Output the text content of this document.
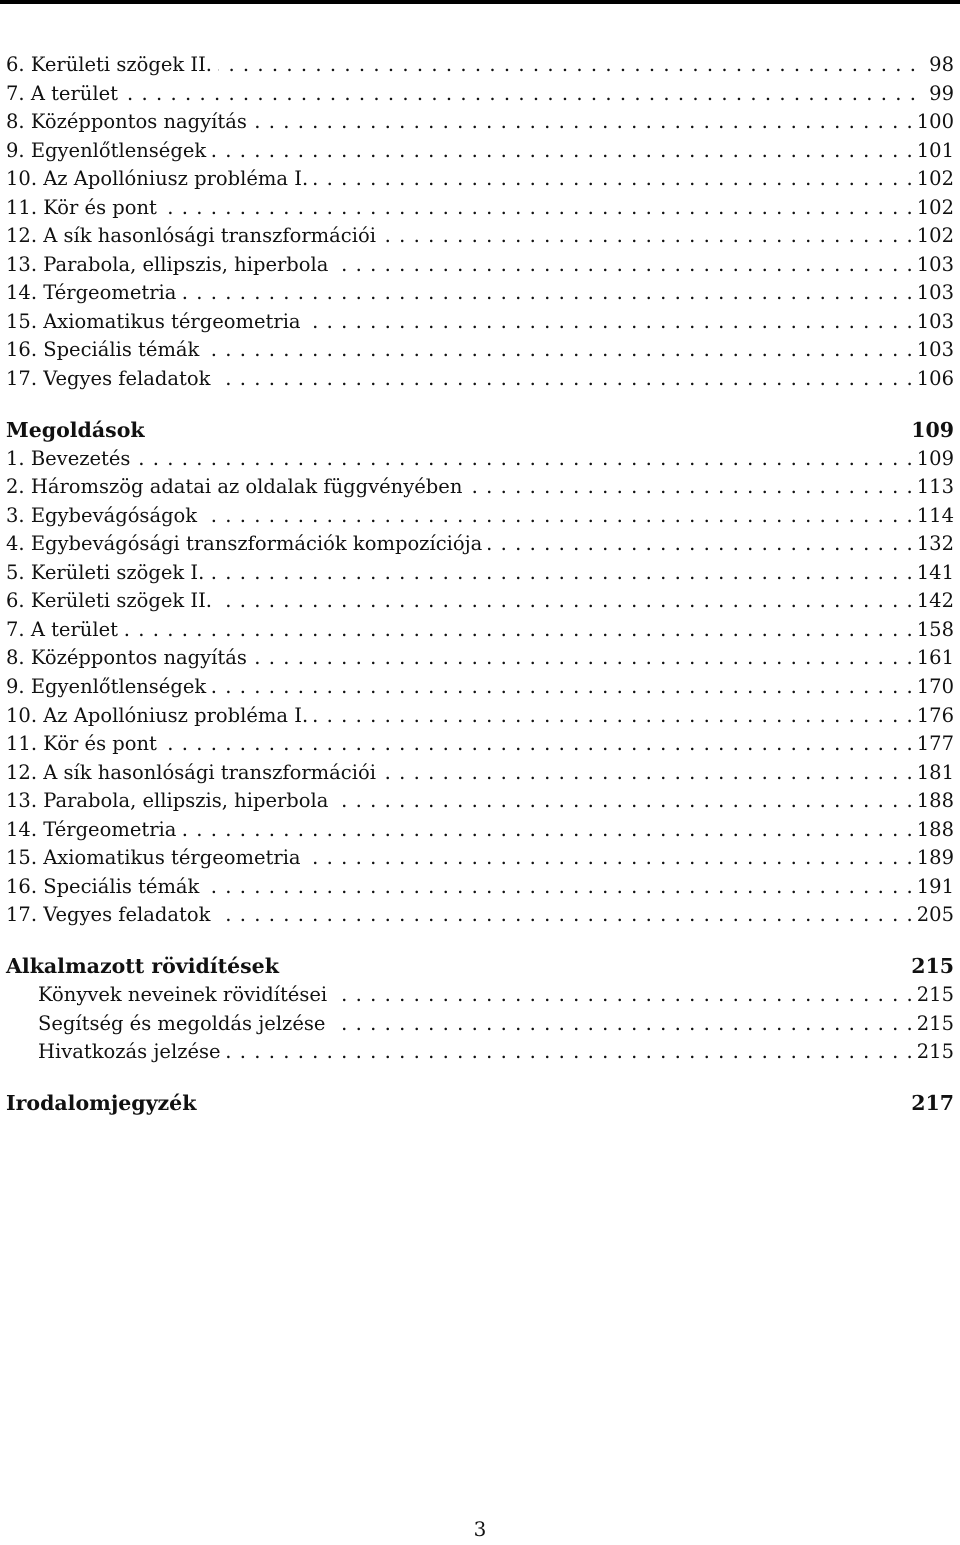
6. Kerületi szögek II. . . .	98
7. A terület . . .	99
8. Középpontos nagyítás . . .	100
9. Egyenlőtlenségek . . .	101
10. Az Apollóniusz probléma I. . . .	102
11. Kör és pont . . .	102
12. A sík hasonlósági transzformációi . . .	102
13. Parabola, ellipszis, hiperbola . . .	103
14. Térgeometria . . .	103
15. Axiomatikus térgeometria . . .	103
16. Speciális témák . . .	103
17. Vegyes feladatok . . .	106
Megoldások	109
1. Bevezetés . . .	109
2. Háromszög adatai az oldalak függvényében . . .	113
3. Egybevágóságok . . .	114
4. Egybevágósági transzformációk kompozíciója . . .	132
5. Kerületi szögek I. . . .	141
6. Kerületi szögek II. . . .	142
7. A terület . . .	158
8. Középpontos nagyítás . . .	161
9. Egyenlőtlenségek . . .	170
10. Az Apollóniusz probléma I. . . .	176
11. Kör és pont . . .	177
12. A sík hasonlósági transzformációi . . .	181
13. Parabola, ellipszis, hiperbola . . .	188
14. Térgeometria . . .	188
15. Axiomatikus térgeometria . . .	189
16. Speciális témák . . .	191
17. Vegyes feladatok . . .	205
Alkalmazott rövidítések	215
Könyvek neveinek rövidítései . . .	215
Segítség és megoldás jelzése . . .	215
Hivatkozás jelzése . . .	215
Irodalomjegyzék	217
3
